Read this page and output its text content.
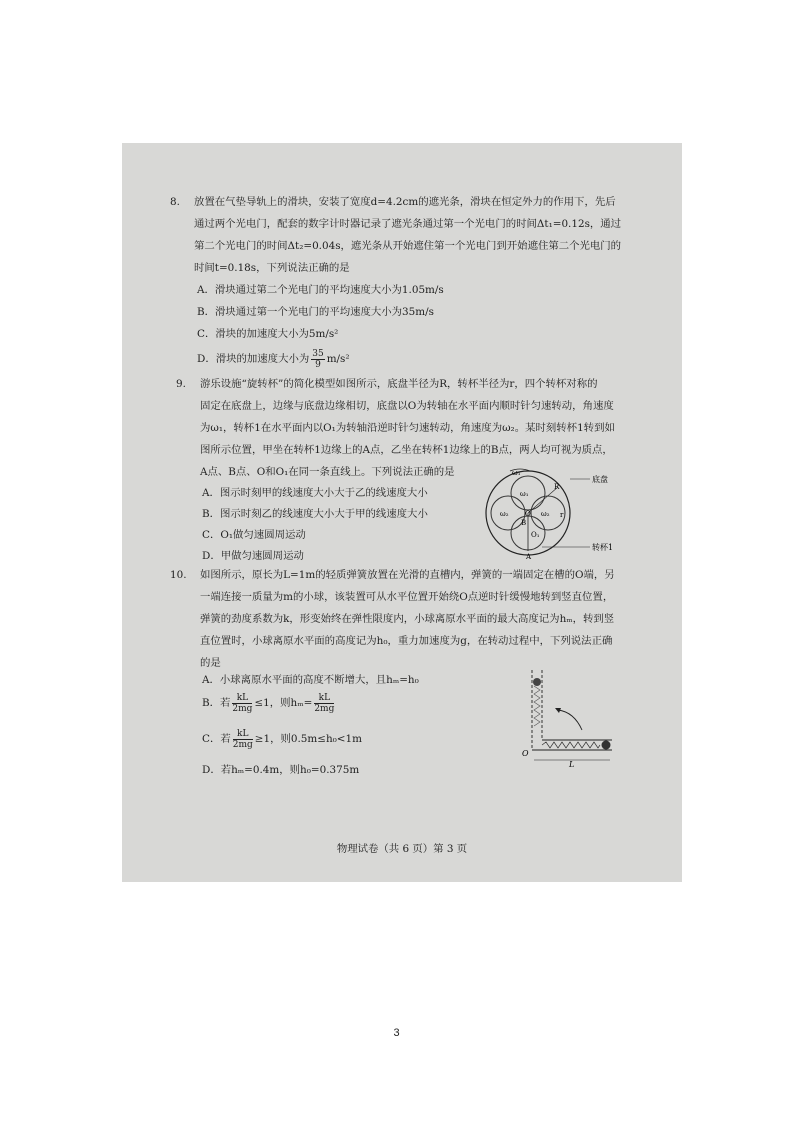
8. 放置在气垫导轨上的滑块，安装了宽度d=4.2cm的遮光条，滑块在恒定外力的作用下，先后
通过两个光电门，配套的数字计时器记录了遮光条通过第一个光电门的时间Δt₁=0.12s，通过
第二个光电门的时间Δt₂=0.04s，遮光条从开始遮住第一个光电门到开始遮住第二个光电门的
时间t=0.18s，下列说法正确的是
A．滑块通过第二个光电门的平均速度大小为1.05m/s
B．滑块通过第一个光电门的平均速度大小为35m/s
C．滑块的加速度大小为5m/s²
D．滑块的加速度大小为 $\frac{35}{9} m/s^2$
9. 游乐设施“旋转杯”的简化模型如图所示，底盘半径为R，转杯半径为r，四个转杯对称的
固定在底盘上，边缘与底盘边缘相切，底盘以O为转轴在水平面内顺时针匀速转动，角速度
为ω₁，转杯1在水平面内以O₁为转轴沿逆时针匀速转动，角速度为ω₂。某时刻转杯1转到如
图所示位置，甲坐在转杯1边缘上的A点，乙坐在转杯1边缘上的B点，两人均可视为质点，
A点、B点、O和O₁在同一条直线上。下列说法正确的是
A．图示时刻甲的线速度大小大于乙的线速度大小
B．图示时刻乙的线速度大小大于甲的线速度大小
C．O₁做匀速圆周运动
D．甲做匀速圆周运动
ω₁
ω₁
ω₂	ω₂
O
O₁
R
r
B
A
底盘
转杯1
10. 如图所示，原长为L=1m的轻质弹簧放置在光滑的直槽内，弹簧的一端固定在槽的O端，另
一端连接一质量为m的小球，该装置可从水平位置开始绕O点逆时针缓慢地转到竖直位置，
弹簧的劲度系数为k，形变始终在弹性限度内，小球离原水平面的最大高度记为hₘ，转到竖
直位置时，小球离原水平面的高度记为h₀，重力加速度为g，在转动过程中，下列说法正确
的是
A．小球离原水平面的高度不断增大，且hₘ=h₀
B．若 $\frac{kL}{2mg} \le 1$，则$h_m= \frac{kL}{2mg}$
C．若 $\frac{kL}{2mg} \ge 1$，则0.5m≤h₀<1m
D．若hₘ=0.4m，则h₀=0.375m
O
L
物理试卷（共 6 页）第 3 页
3
